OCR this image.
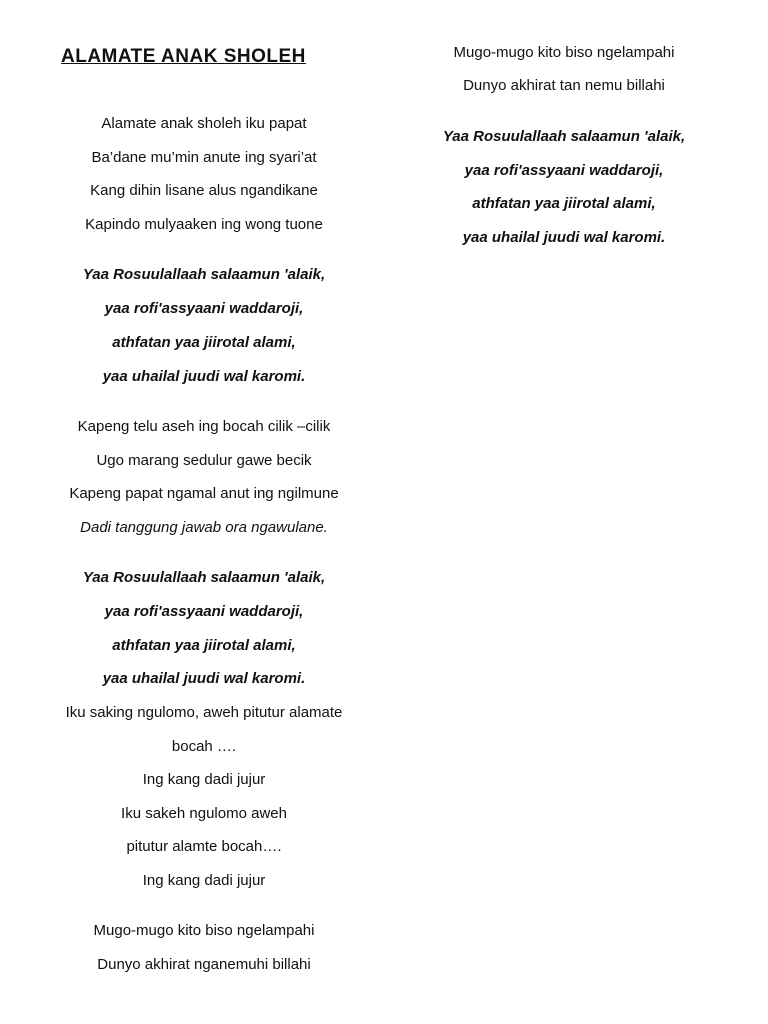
ALAMATE ANAK SHOLEH
Alamate anak sholeh iku papat
Ba’dane mu’min anute ing syari’at
Kang dihin lisane alus ngandikane
Kapindo mulyaaken ing wong tuone
Yaa Rosuulallaah salaamun 'alaik,
yaa rofi'assyaani waddaroji,
athfatan yaa jiirotal alami,
yaa uhailal juudi wal karomi.
Kapeng telu aseh ing bocah cilik –cilik
Ugo marang sedulur gawe becik
Kapeng papat ngamal anut ing ngilmune
Dadi tanggung jawab ora ngawulane.
Yaa Rosuulallaah salaamun 'alaik,
yaa rofi'assyaani waddaroji,
athfatan yaa jiirotal alami,
yaa uhailal juudi wal karomi.
Iku saking ngulomo, aweh pitutur alamate
bocah ….
Ing kang dadi jujur
Iku sakeh ngulomo aweh
pitutur alamte bocah….
Ing kang dadi jujur
Mugo-mugo kito biso ngelampahi
Dunyo akhirat nganemuhi billahi
Mugo-mugo kito biso ngelampahi
Dunyo akhirat tan nemu billahi
Yaa Rosuulallaah salaamun 'alaik,
yaa rofi'assyaani waddaroji,
athfatan yaa jiirotal alami,
yaa uhailal juudi wal karomi.
